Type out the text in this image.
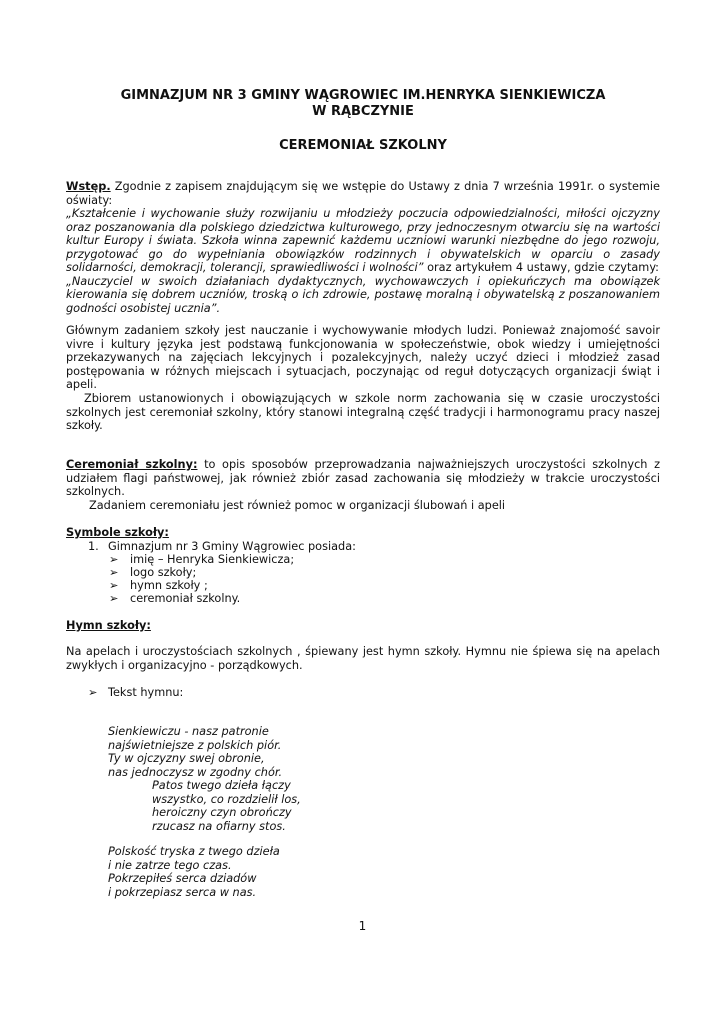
GIMNAZJUM NR 3 GMINY WĄGROWIEC IM.HENRYKA SIENKIEWICZA
W RĄBCZYNIE
CEREMONIAŁ SZKOLNY
Wstęp. Zgodnie z zapisem znajdującym się we wstępie do Ustawy z dnia 7 września 1991r. o systemie oświaty:
„Kształcenie i wychowanie służy rozwijaniu u młodzieży poczucia odpowiedzialności, miłości ojczyzny oraz poszanowania dla polskiego dziedzictwa kulturowego, przy jednoczesnym otwarciu się na wartości kultur Europy i świata. Szkoła winna zapewnić każdemu uczniowi warunki niezbędne do jego rozwoju, przygotować go do wypełniania obowiązków rodzinnych i obywatelskich w oparciu o zasady solidarności, demokracji, tolerancji, sprawiedliwości i wolności” oraz artykułem 4 ustawy, gdzie czytamy:
„Nauczyciel w swoich działaniach dydaktycznych, wychowawczych i opiekuńczych ma obowiązek kierowania się dobrem uczniów, troską o ich zdrowie, postawę moralną i obywatelską z poszanowaniem godności osobistej ucznia”.
Głównym zadaniem szkoły jest nauczanie i wychowywanie młodych ludzi. Ponieważ znajomość savoir vivre i kultury języka jest podstawą funkcjonowania w społeczeństwie, obok wiedzy i umiejętności przekazywanych na zajęciach lekcyjnych i pozalekcyjnych, należy uczyć dzieci i młodzież zasad postępowania w różnych miejscach i sytuacjach, poczynając od reguł dotyczących organizacji świąt i apeli.
Zbiorem ustanowionych i obowiązujących w szkole norm zachowania się w czasie uroczystości szkolnych jest ceremoniał szkolny, który stanowi integralną część tradycji i harmonogramu pracy naszej szkoły.
Ceremoniał szkolny: to opis sposobów przeprowadzania najważniejszych uroczystości szkolnych z udziałem flagi państwowej, jak również zbiór zasad zachowania się młodzieży w trakcie uroczystości szkolnych.
Zadaniem ceremoniału jest również pomoc w organizacji ślubowań i apeli
Symbole szkoły:
1. Gimnazjum nr 3 Gminy Wągrowiec posiada:
➢ imię – Henryka Sienkiewicza;
➢ logo szkoły;
➢ hymn szkoły ;
➢ ceremoniał szkolny.
Hymn szkoły:
Na apelach i uroczystościach szkolnych , śpiewany jest hymn szkoły. Hymnu nie śpiewa się na apelach zwykłych i organizacyjno - porządkowych.
➢ Tekst hymnu:
Sienkiewiczu - nasz patronie
najświetniejsze z polskich piór.
Ty w ojczyzny swej obronie,
nas jednoczysz w zgodny chór.
Patos twego dzieła łączy
wszystko, co rozdzielił los,
heroiczny czyn obrończy
rzucasz na ofiarny stos.
Polskość tryska z twego dzieła
i nie zatrze tego czas.
Pokrzepiłeś serca dziadów
i pokrzepiasz serca w nas.
1
